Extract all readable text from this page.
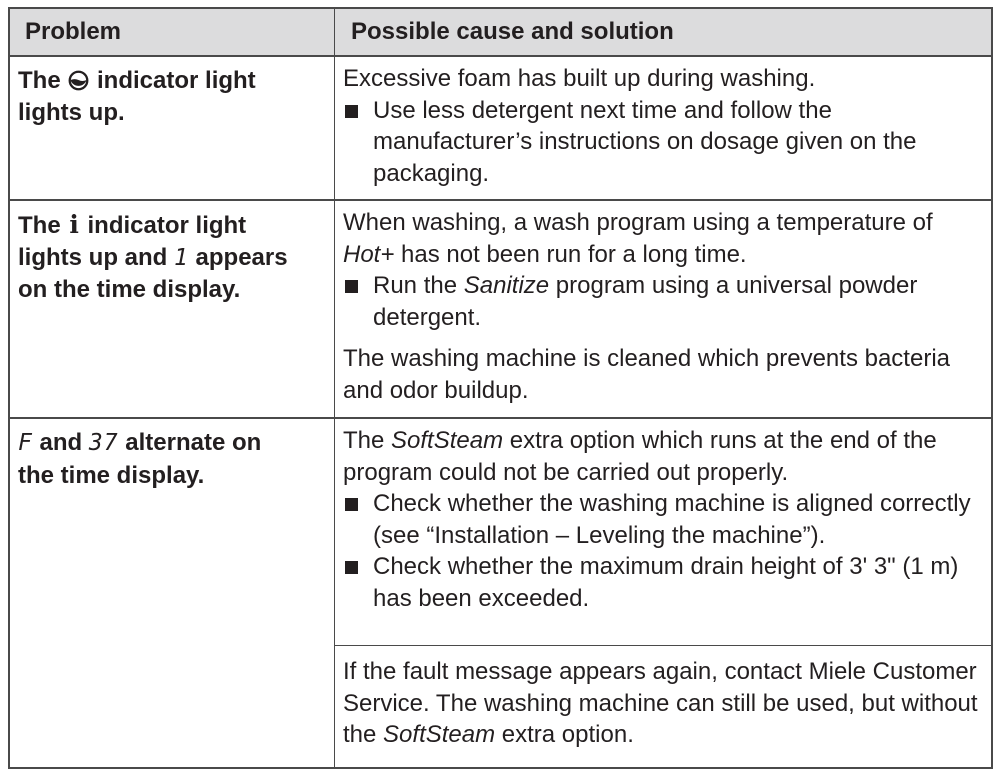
Problem	Possible cause and solution
The indicator light
lights up.

Excessive foam has built up during washing.

Use less detergent next time and follow the manufacturer’s instructions on dosage given on the packaging.
The i indicator light
lights up and 1 appears
on the time display.

When washing, a wash program using a temperature of Hot+ has not been run for a long time.

Run the Sanitize program using a universal powder detergent.

The washing machine is cleaned which prevents bacteria and odor buildup.

F and 37 alternate on
the time display.

The SoftSteam extra option which runs at the end of the program could not be carried out properly.

Check whether the washing machine is aligned correctly (see “Installation – Leveling the machine”).
Check whether the maximum drain height of 3' 3" (1 m) has been exceeded.

If the fault message appears again, contact Miele Customer Service. The washing machine can still be used, but without the SoftSteam extra option.
